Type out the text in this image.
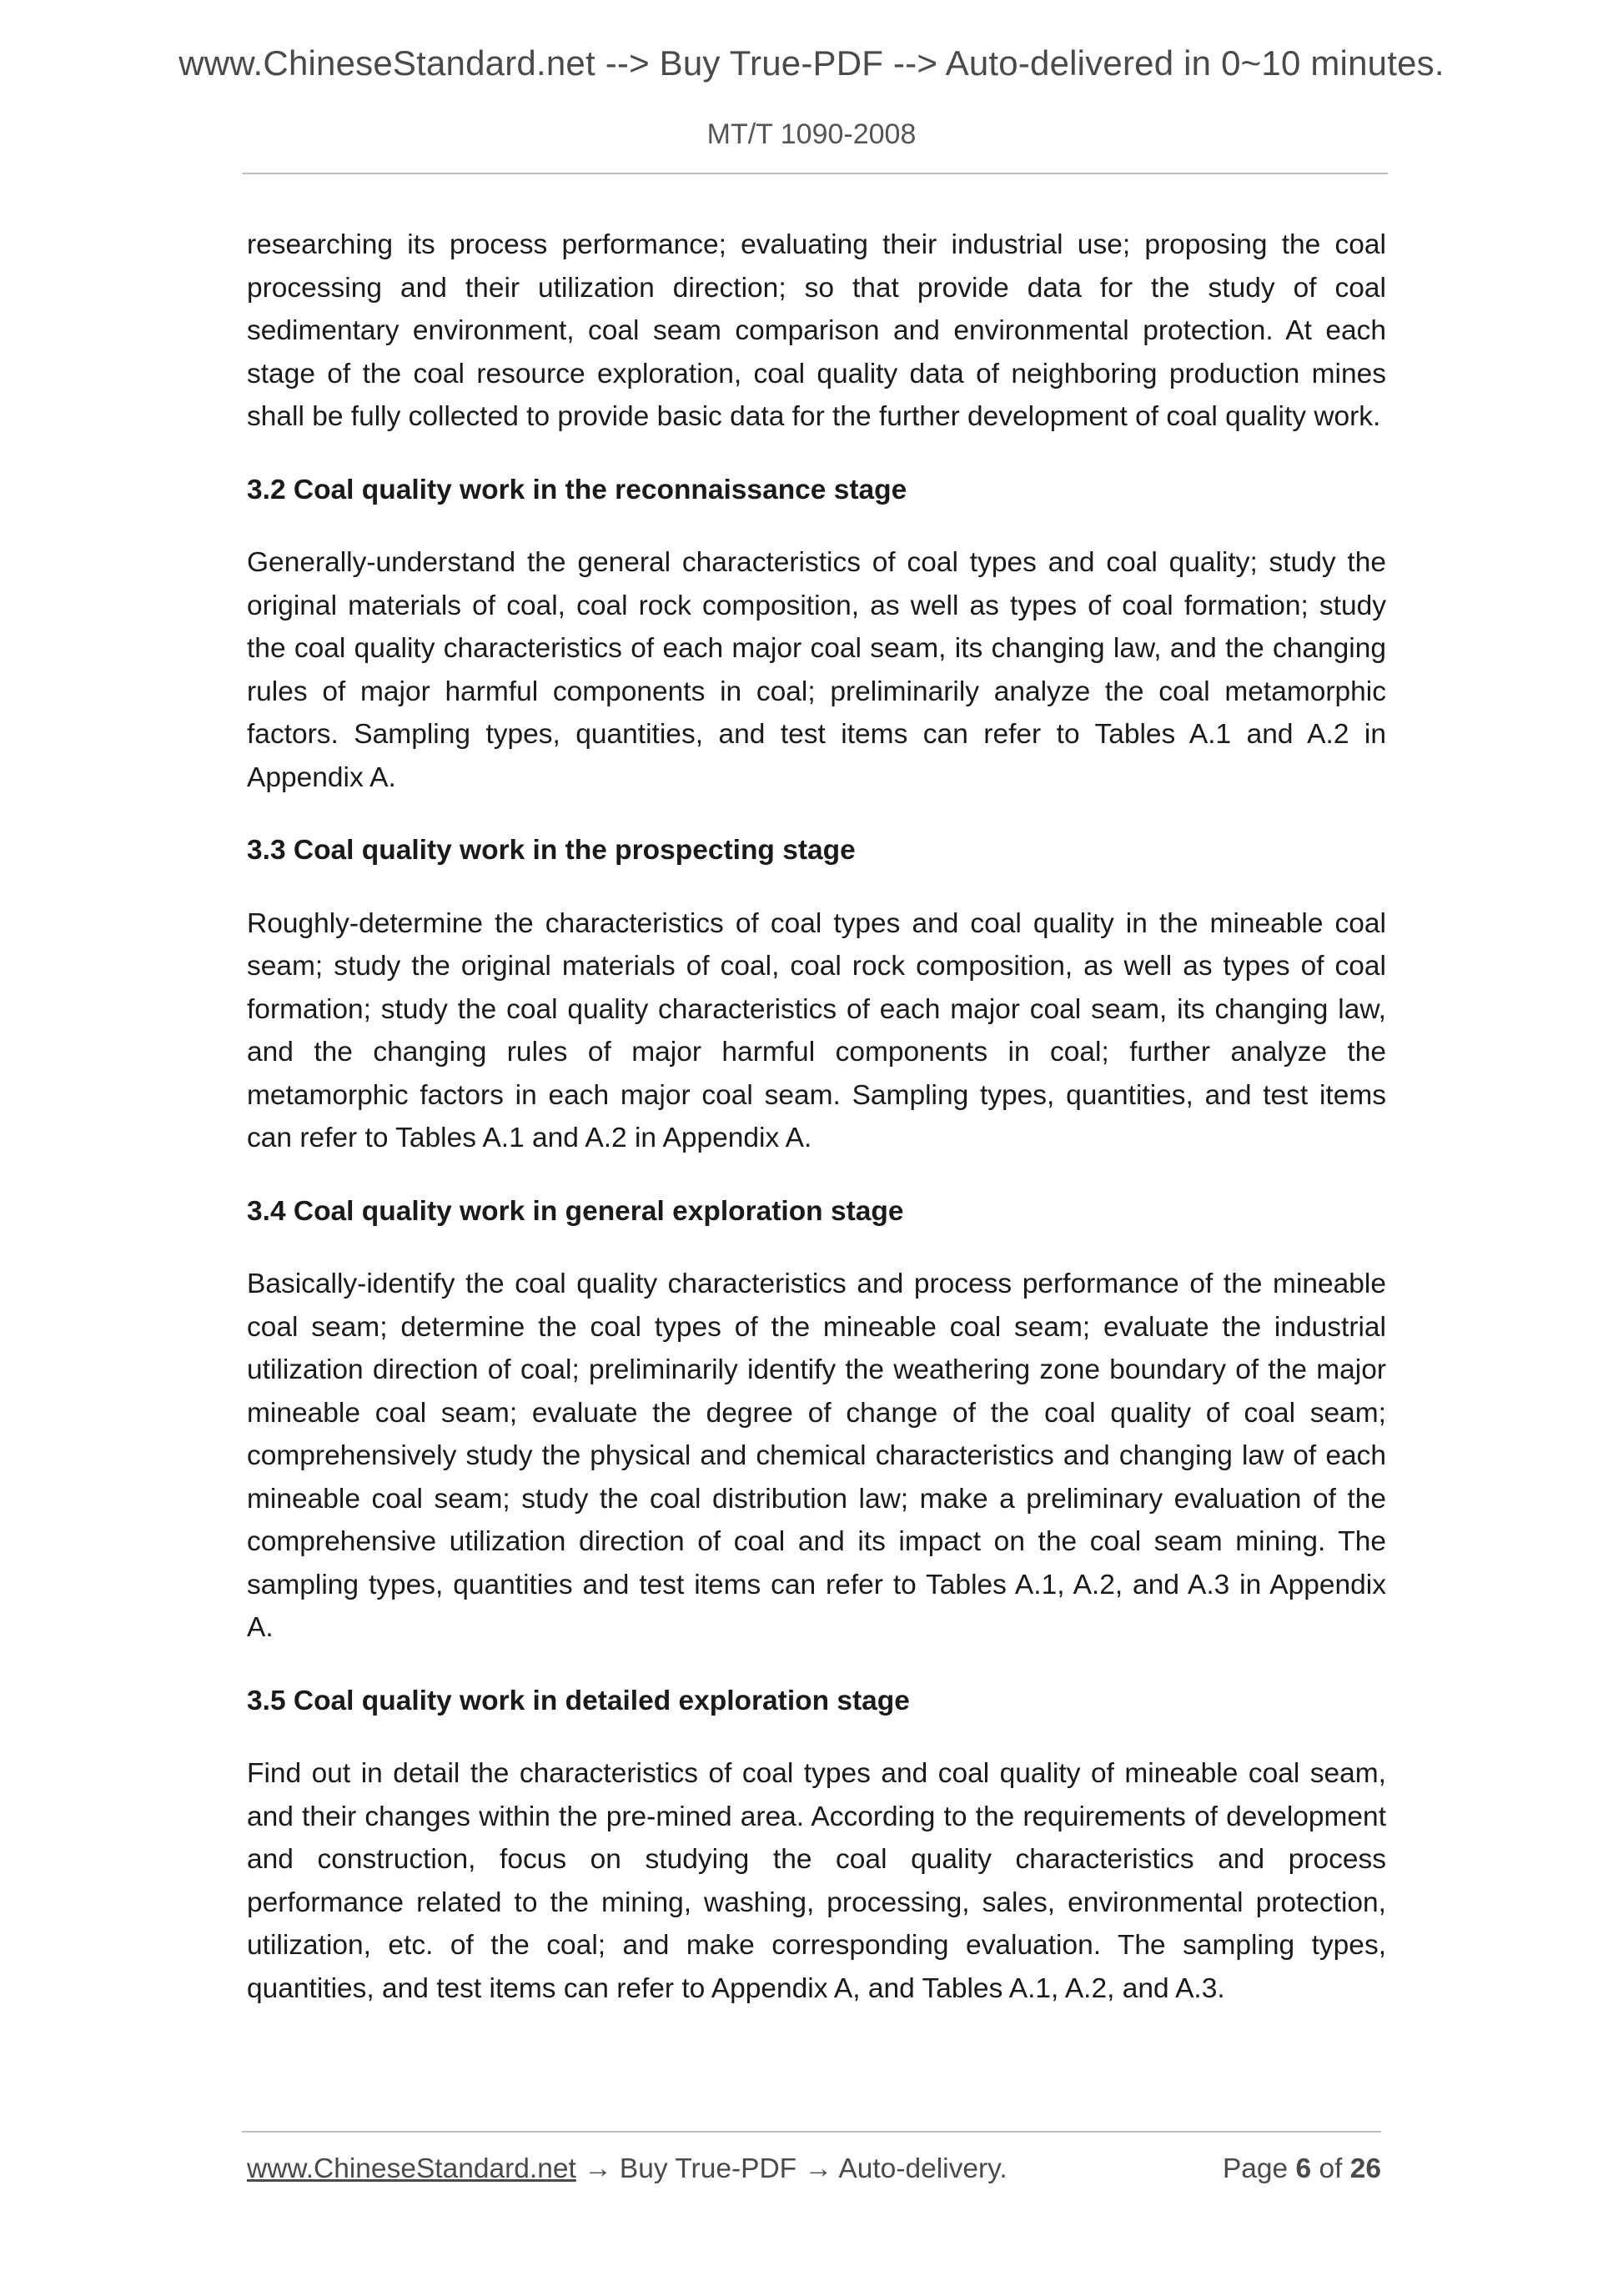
www.ChineseStandard.net --> Buy True-PDF --> Auto-delivered in 0~10 minutes.
MT/T 1090-2008

researching its process performance; evaluating their industrial use; proposing the coal processing and their utilization direction; so that provide data for the study of coal sedimentary environment, coal seam comparison and environmental protection. At each stage of the coal resource exploration, coal quality data of neighboring production mines shall be fully collected to provide basic data for the further development of coal quality work.

3.2 Coal quality work in the reconnaissance stage

Generally-understand the general characteristics of coal types and coal quality; study the original materials of coal, coal rock composition, as well as types of coal formation; study the coal quality characteristics of each major coal seam, its changing law, and the changing rules of major harmful components in coal; preliminarily analyze the coal metamorphic factors. Sampling types, quantities, and test items can refer to Tables A.1 and A.2 in Appendix A.

3.3 Coal quality work in the prospecting stage

Roughly-determine the characteristics of coal types and coal quality in the mineable coal seam; study the original materials of coal, coal rock composition, as well as types of coal formation; study the coal quality characteristics of each major coal seam, its changing law, and the changing rules of major harmful components in coal; further analyze the metamorphic factors in each major coal seam. Sampling types, quantities, and test items can refer to Tables A.1 and A.2 in Appendix A.

3.4 Coal quality work in general exploration stage

Basically-identify the coal quality characteristics and process performance of the mineable coal seam; determine the coal types of the mineable coal seam; evaluate the industrial utilization direction of coal; preliminarily identify the weathering zone boundary of the major mineable coal seam; evaluate the degree of change of the coal quality of coal seam; comprehensively study the physical and chemical characteristics and changing law of each mineable coal seam; study the coal distribution law; make a preliminary evaluation of the comprehensive utilization direction of coal and its impact on the coal seam mining. The sampling types, quantities and test items can refer to Tables A.1, A.2, and A.3 in Appendix A.

3.5 Coal quality work in detailed exploration stage

Find out in detail the characteristics of coal types and coal quality of mineable coal seam, and their changes within the pre-mined area. According to the requirements of development and construction, focus on studying the coal quality characteristics and process performance related to the mining, washing, processing, sales, environmental protection, utilization, etc. of the coal; and make corresponding evaluation. The sampling types, quantities, and test items can refer to Appendix A, and Tables A.1, A.2, and A.3.

www.ChineseStandard.net → Buy True-PDF → Auto-delivery.	Page 6 of 26
